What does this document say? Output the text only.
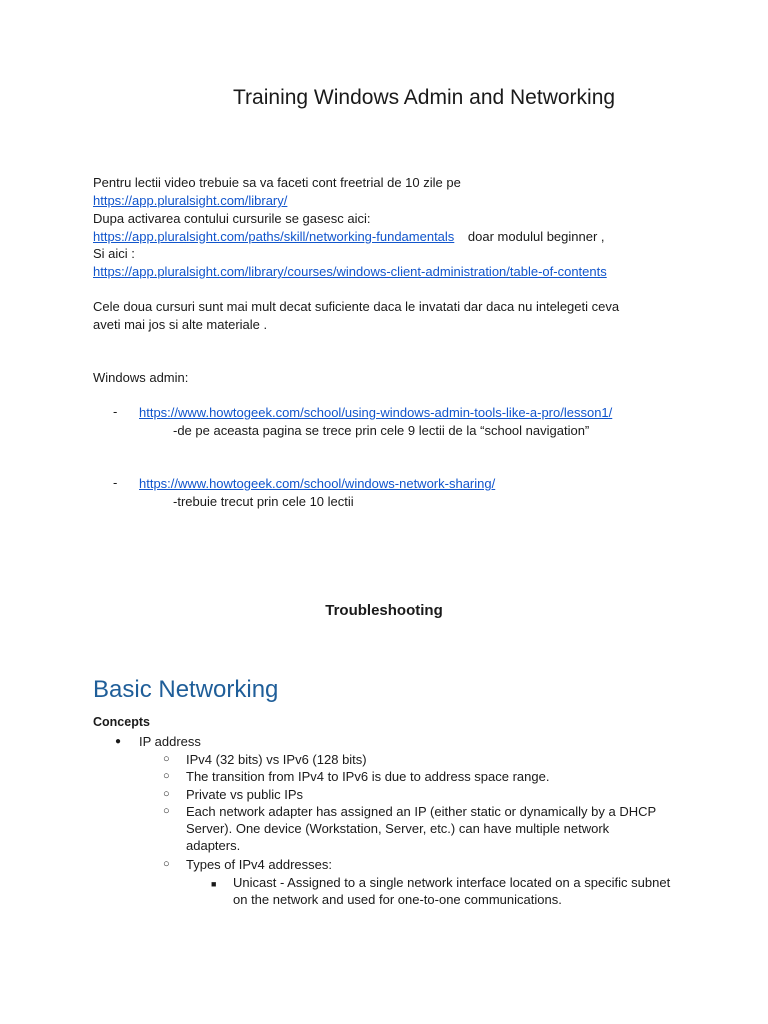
Training Windows Admin and Networking
Pentru lectii video trebuie sa va faceti cont freetrial de 10 zile pe
https://app.pluralsight.com/library/
Dupa activarea contului cursurile se gasesc aici:
https://app.pluralsight.com/paths/skill/networking-fundamentals doar modulul beginner ,
Si aici :
https://app.pluralsight.com/library/courses/windows-client-administration/table-of-contents
Cele doua cursuri sunt mai mult decat suficiente daca le invatati dar daca nu intelegeti ceva
aveti mai jos si alte materiale .
Windows admin:
- https://www.howtogeek.com/school/using-windows-admin-tools-like-a-pro/lesson1/
-de pe aceasta pagina se trece prin cele 9 lectii de la “school navigation”
- https://www.howtogeek.com/school/windows-network-sharing/
-trebuie trecut prin cele 10 lectii
Troubleshooting
Basic Networking
Concepts
●	IP address
○ IPv4 (32 bits) vs IPv6 (128 bits)
○ The transition from IPv4 to IPv6 is due to address space range.
○ Private vs public IPs
○ Each network adapter has assigned an IP (either static or dynamically by a DHCP Server). One device (Workstation, Server, etc.) can have multiple network adapters.
○ Types of IPv4 addresses:
■ Unicast - Assigned to a single network interface located on a specific subnet on the network and used for one-to-one communications.
